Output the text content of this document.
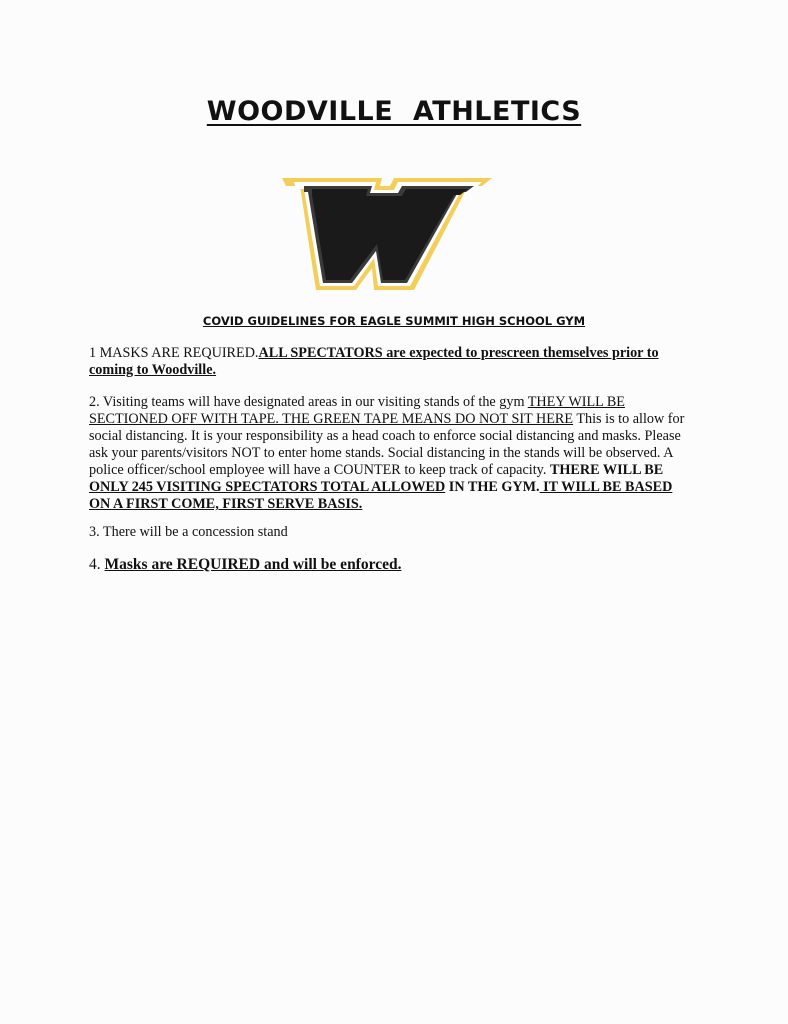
WOODVILLE  ATHLETICS
COVID GUIDELINES FOR EAGLE SUMMIT HIGH SCHOOL GYM
1 MASKS ARE REQUIRED.ALL SPECTATORS are expected to prescreen themselves prior to coming to Woodville.
2. Visiting teams will have designated areas in our visiting stands of the gym THEY WILL BE SECTIONED OFF WITH TAPE. THE GREEN TAPE MEANS DO NOT SIT HERE This is to allow for social distancing. It is your responsibility as a head coach to enforce social distancing and masks. Please ask your parents/visitors NOT to enter home stands. Social distancing in the stands will be observed. A police officer/school employee will have a COUNTER to keep track of capacity. THERE WILL BE ONLY 245 VISITING SPECTATORS TOTAL ALLOWED IN THE GYM. IT WILL BE BASED ON A FIRST COME, FIRST SERVE BASIS.
3. There will be a concession stand
4. Masks are REQUIRED and will be enforced.
